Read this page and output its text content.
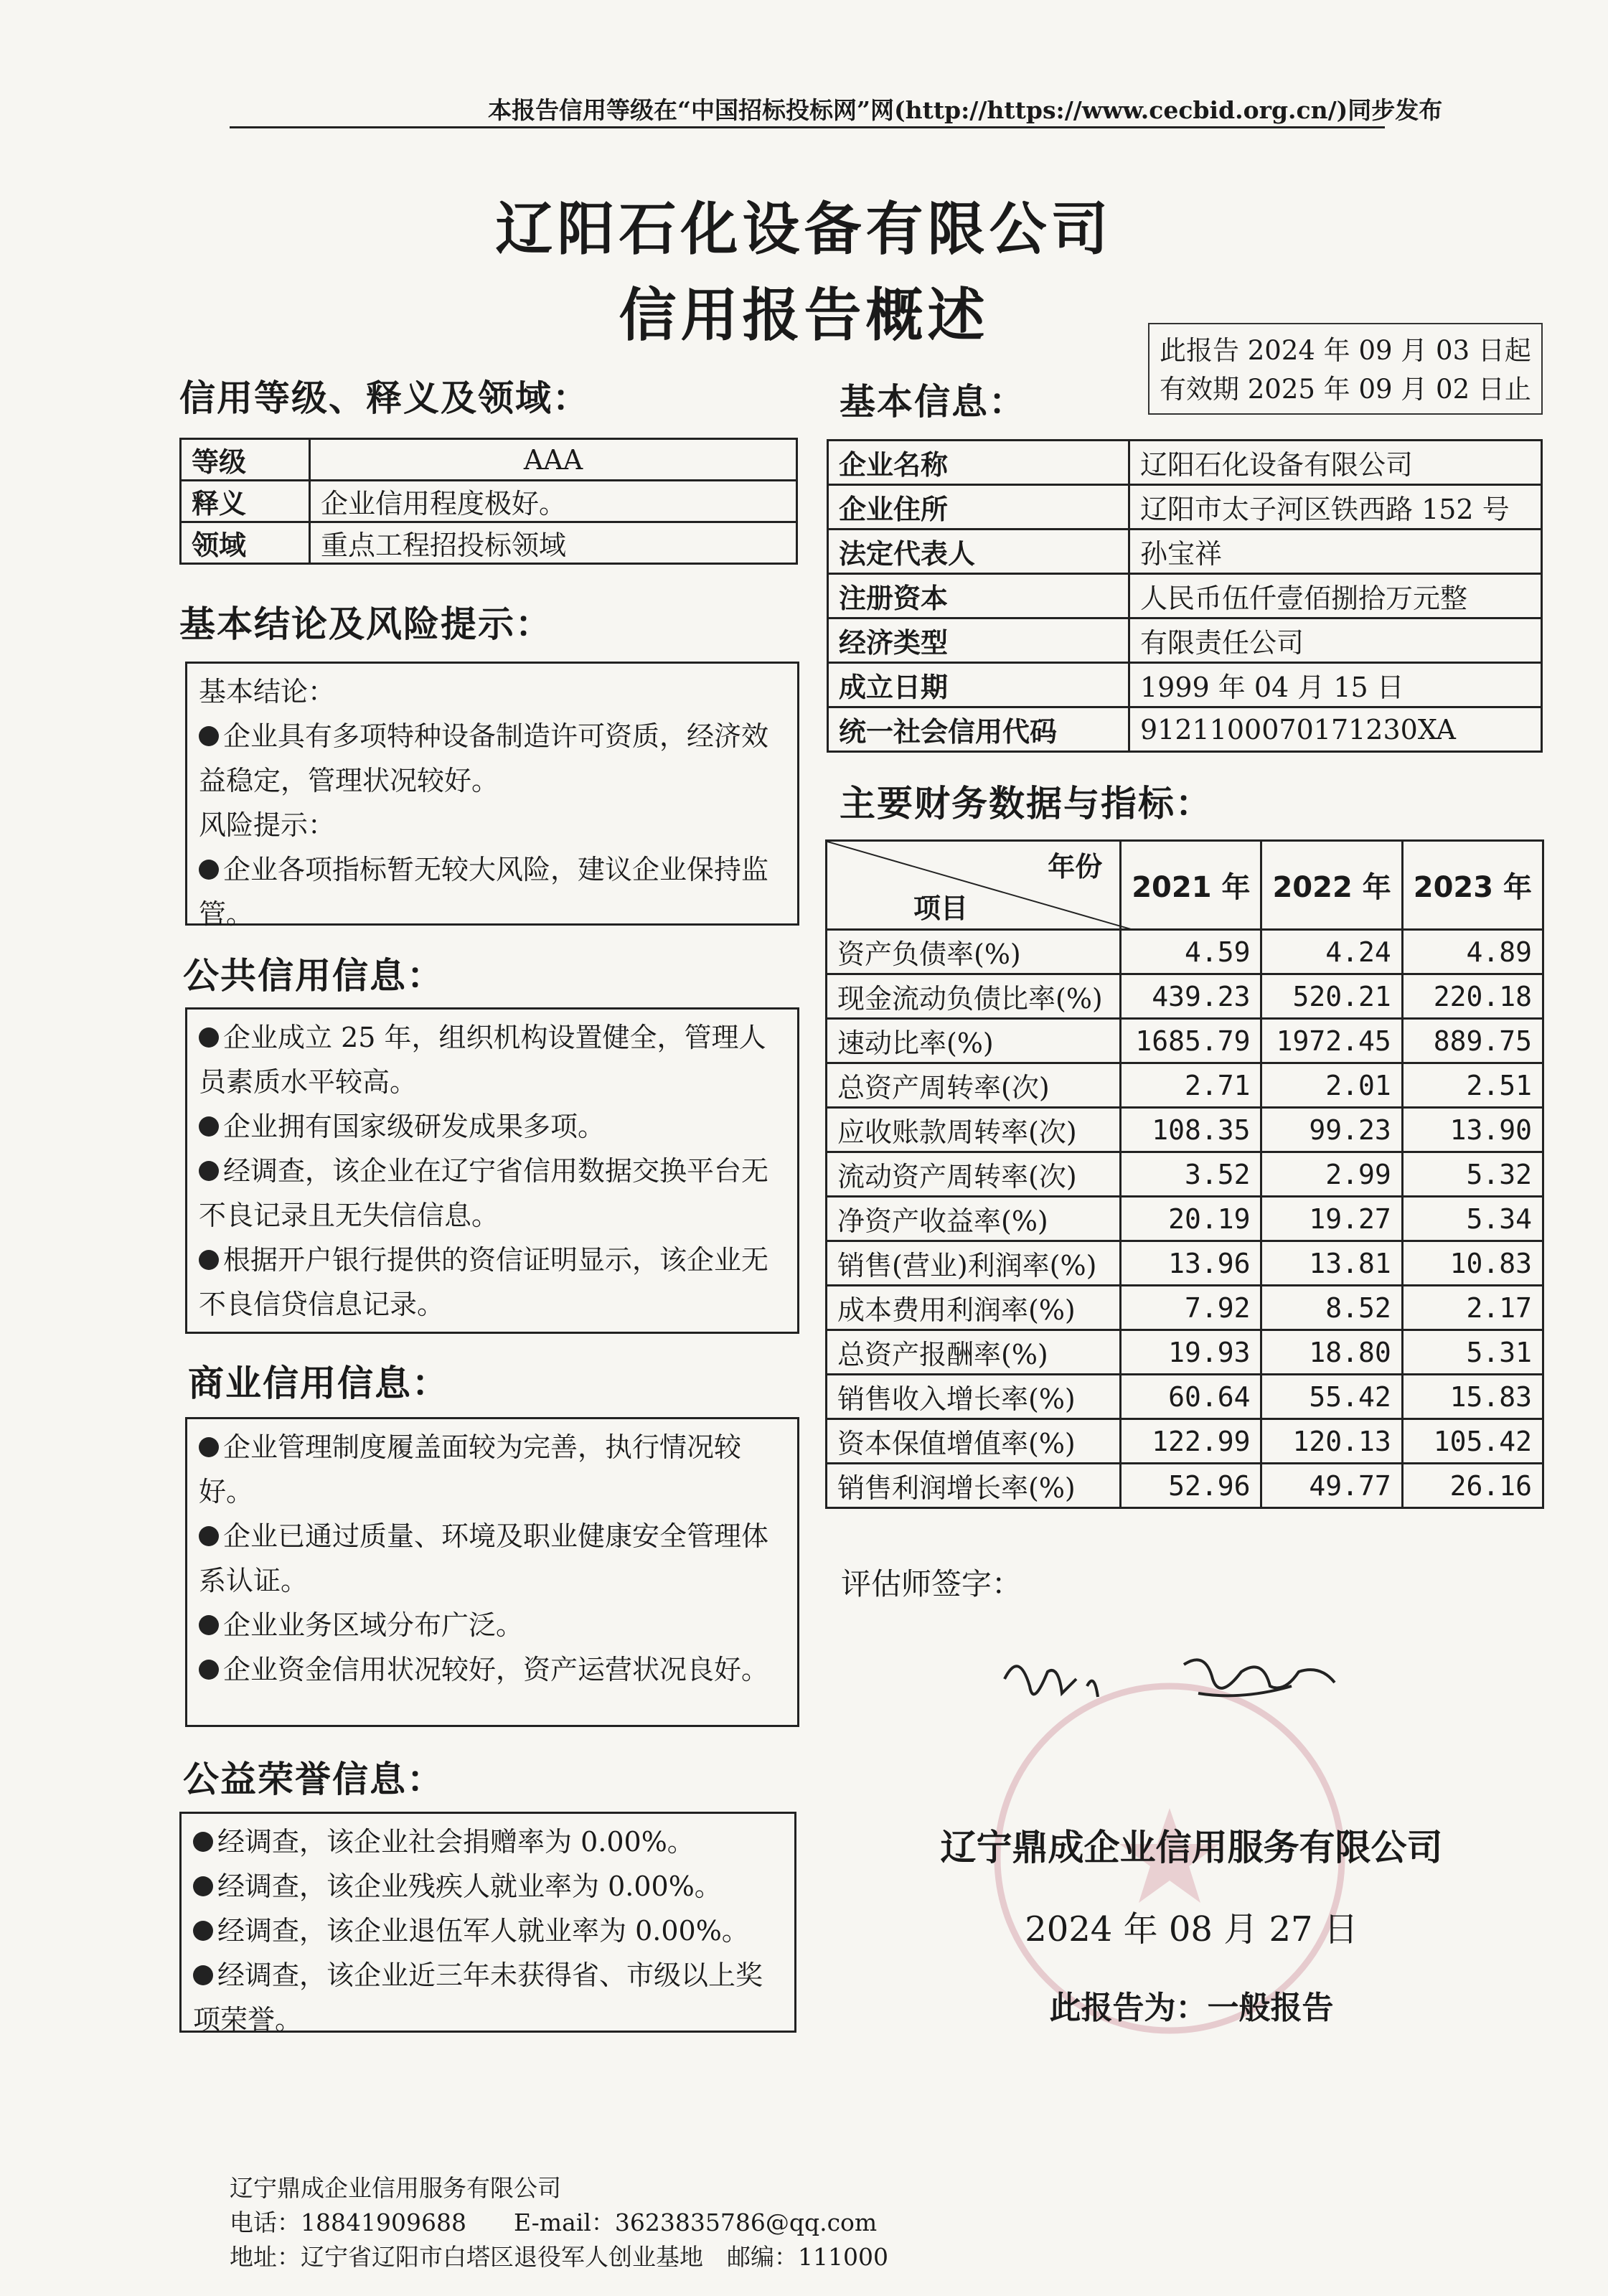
本报告信用等级在“中国招标投标网”网(http://https://www.cecbid.org.cn/)同步发布
辽阳石化设备有限公司
信用报告概述
此报告 2024 年 09 月 03 日起
有效期 2025 年 09 月 02 日止
信用等级、释义及领域：
等级	AAA
释义	企业信用程度极好。
领域	重点工程招投标领域
基本结论及风险提示：

基本结论：

企业具有多项特种设备制造许可资质，经济效益稳定，管理状况较好。

风险提示：

企业各项指标暂无较大风险，建议企业保持监管。

公共信用信息：

企业成立 25 年，组织机构设置健全，管理人员素质水平较高。

企业拥有国家级研发成果多项。

经调查，该企业在辽宁省信用数据交换平台无不良记录且无失信信息。

根据开户银行提供的资信证明显示，该企业无不良信贷信息记录。

商业信用信息：

企业管理制度履盖面较为完善，执行情况较好。

企业已通过质量、环境及职业健康安全管理体系认证。

企业业务区域分布广泛。

企业资金信用状况较好，资产运营状况良好。

公益荣誉信息：

经调查，该企业社会捐赠率为 0.00%。

经调查，该企业残疾人就业率为 0.00%。

经调查，该企业退伍军人就业率为 0.00%。

经调查，该企业近三年未获得省、市级以上奖项荣誉。

基本信息：
企业名称	辽阳石化设备有限公司
企业住所	辽阳市太子河区铁西路 152 号
法定代表人	孙宝祥
注册资本	人民币伍仟壹佰捌拾万元整
经济类型	有限责任公司
成立日期	1999 年 04 月 15 日
统一社会信用代码	912110007017123​0XA
主要财务数据与指标：
年份
项目	2021 年	2022 年	2023 年
资产负债率(%)	4.59	4.24	4.89
现金流动负债比率(%)	439.23	520.21	220.18
速动比率(%)	1685.79	1972.45	889.75
总资产周转率(次)	2.71	2.01	2.51
应收账款周转率(次)	108.35	99.23	13.90
流动资产周转率(次)	3.52	2.99	5.32
净资产收益率(%)	20.19	19.27	5.34
销售(营业)利润率(%)	13.96	13.81	10.83
成本费用利润率(%)	7.92	8.52	2.17
总资产报酬率(%)	19.93	18.80	5.31
销售收入增长率(%)	60.64	55.42	15.83
资本保值增值率(%)	122.99	120.13	105.42
销售利润增长率(%)	52.96	49.77	26.16
评估师签字：
辽宁鼎成企业信用服务有限公司
2024 年 08 月 27 日
此报告为：一般报告
辽宁鼎成企业信用服务有限公司
电话：18841909688　　E-mail：3623835786@qq.com
地址：辽宁省辽阳市白塔区退役军人创业基地　邮编：111000
